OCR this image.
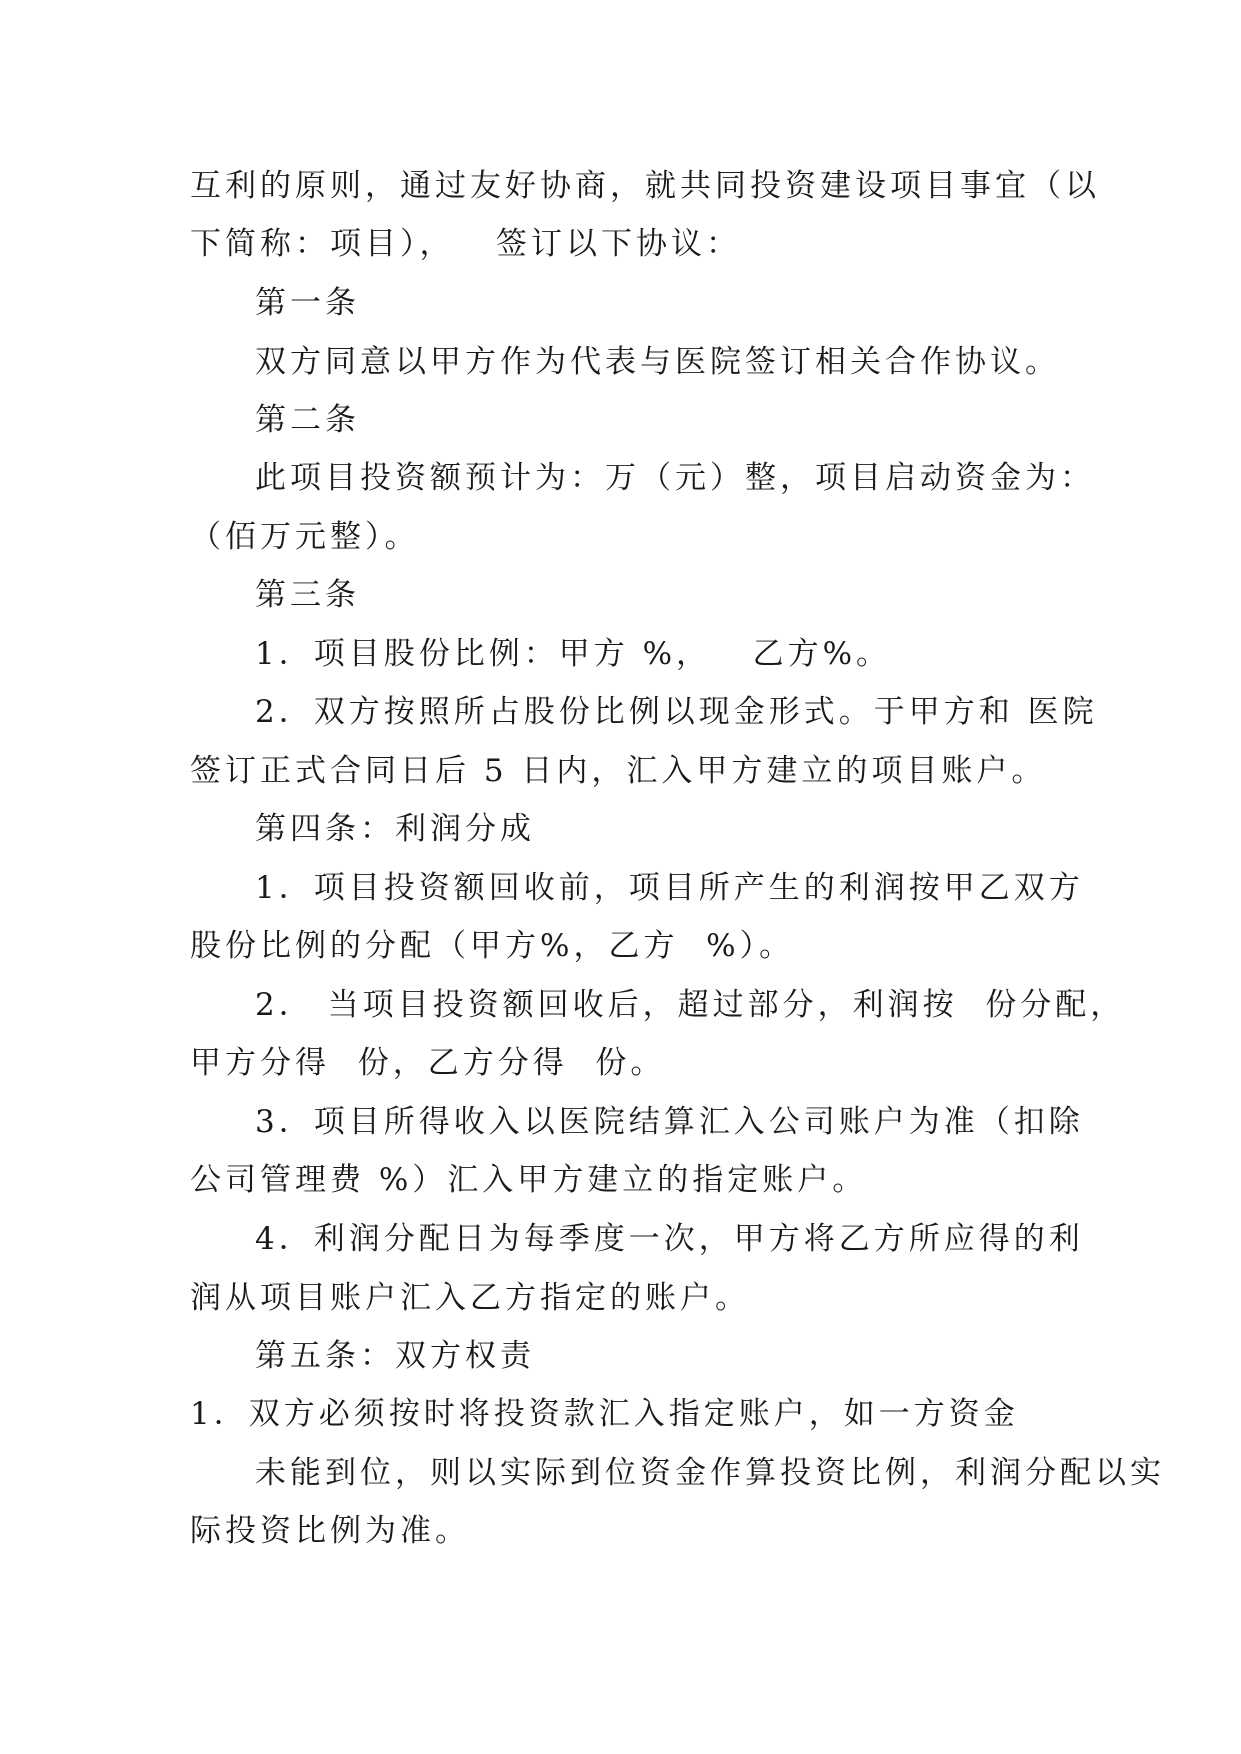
互利的原则，通过友好协商，就共同投资建设项目事宜（以
下简称：项目），   签订以下协议：
第一条
双方同意以甲方作为代表与医院签订相关合作协议。
第二条
此项目投资额预计为：万（元）整，项目启动资金为：
（佰万元整）。
第三条
1．项目股份比例：甲方 %，   乙方%。
2．双方按照所占股份比例以现金形式。于甲方和 医院
签订正式合同日后 5 日内，汇入甲方建立的项目账户。
第四条：利润分成
1．项目投资额回收前，项目所产生的利润按甲乙双方
股份比例的分配（甲方%，乙方  %）。
2． 当项目投资额回收后，超过部分，利润按  份分配，
甲方分得  份，乙方分得  份。
3．项目所得收入以医院结算汇入公司账户为准（扣除
公司管理费 %）汇入甲方建立的指定账户。
4．利润分配日为每季度一次，甲方将乙方所应得的利
润从项目账户汇入乙方指定的账户。
第五条：双方权责
1．双方必须按时将投资款汇入指定账户，如一方资金
未能到位，则以实际到位资金作算投资比例，利润分配以实
际投资比例为准。
